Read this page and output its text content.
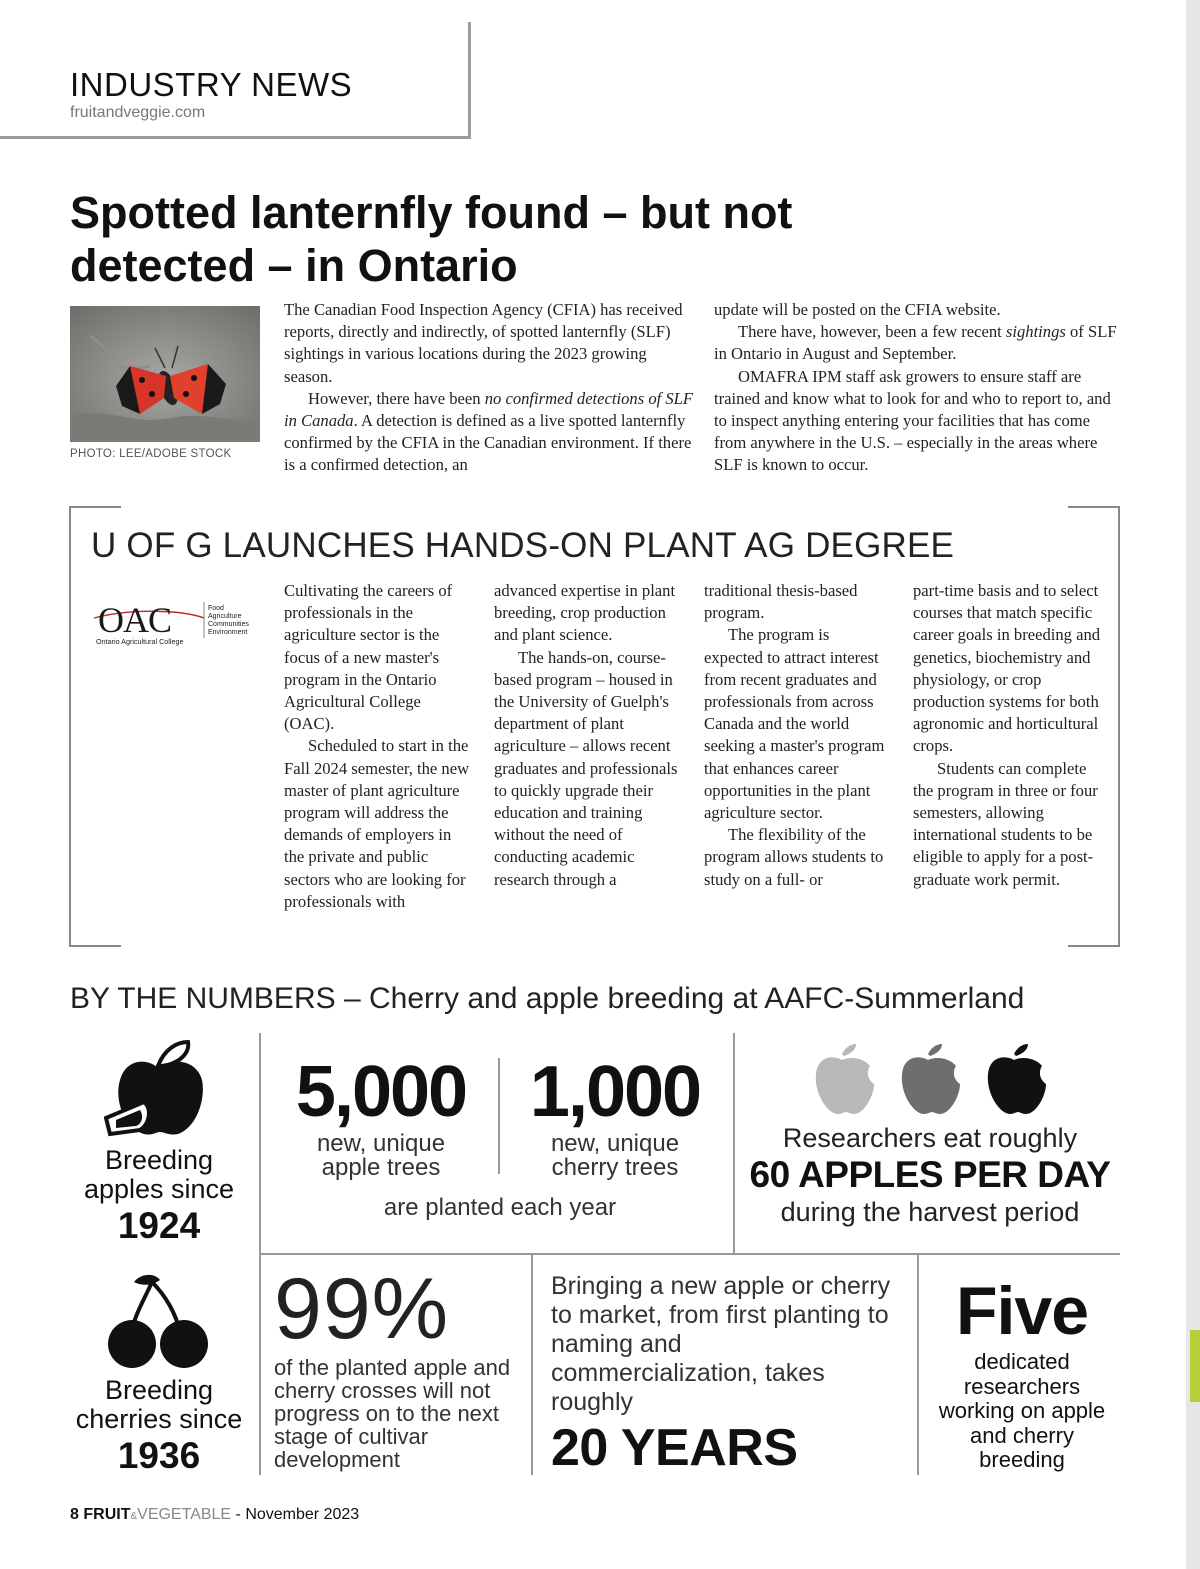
INDUSTRY NEWS
fruitandveggie.com
Spotted lanternfly found – but not detected – in Ontario
PHOTO: LEE/ADOBE STOCK

The Canadian Food Inspection Agency (CFIA) has received reports, directly and indirectly, of spotted lanternfly (SLF) sightings in various locations during the 2023 growing season.

However, there have been no confirmed detections of SLF in Canada. A detection is defined as a live spotted lanternfly confirmed by the CFIA in the Canadian environment. If there is a confirmed detection, an

update will be posted on the CFIA website.

There have, however, been a few recent sightings of SLF in Ontario in August and September.

OMAFRA IPM staff ask growers to ensure staff are trained and know what to look for and who to report to, and to inspect anything entering your facilities that has come from anywhere in the U.S. – especially in the areas where SLF is known to occur.

U OF G LAUNCHES HANDS-ON PLANT AG DEGREE
OAC	Food
Agriculture
Communities
Environment
Ontario Agricultural College

Cultivating the careers of professionals in the agriculture sector is the focus of a new master's program in the Ontario Agricultural College (OAC).

Scheduled to start in the Fall 2024 semester, the new master of plant agriculture program will address the demands of employers in the private and public sectors who are looking for professionals with

advanced expertise in plant breeding, crop production and plant science.

The hands-on, course-based program – housed in the University of Guelph's department of plant agriculture – allows recent graduates and professionals to quickly upgrade their education and training without the need of conducting academic research through a

traditional thesis-based program.

The program is expected to attract interest from recent graduates and professionals from across Canada and the world seeking a master's program that enhances career opportunities in the plant agriculture sector.

The flexibility of the program allows students to study on a full- or

part-time basis and to select courses that match specific career goals in breeding and genetics, biochemistry and physiology, or crop production systems for both agronomic and horticultural crops.

Students can complete the program in three or four semesters, allowing international students to be eligible to apply for a post-graduate work permit.

BY THE NUMBERS – Cherry and apple breeding at AAFC-Summerland
Breeding
apples since
1924
Breeding
cherries since
1936
5,000
new, unique
apple trees
1,000
new, unique
cherry trees
are planted each year
Researchers eat roughly
60 APPLES PER DAY
during the harvest period
99%
of the planted apple and cherry crosses will not progress on to the next stage of cultivar development
Bringing a new apple or cherry to market, from first planting to naming and commercialization, takes roughly
20 YEARS
Five
dedicated researchers working on apple and cherry breeding
8 FRUIT&VEGETABLE - November 2023
